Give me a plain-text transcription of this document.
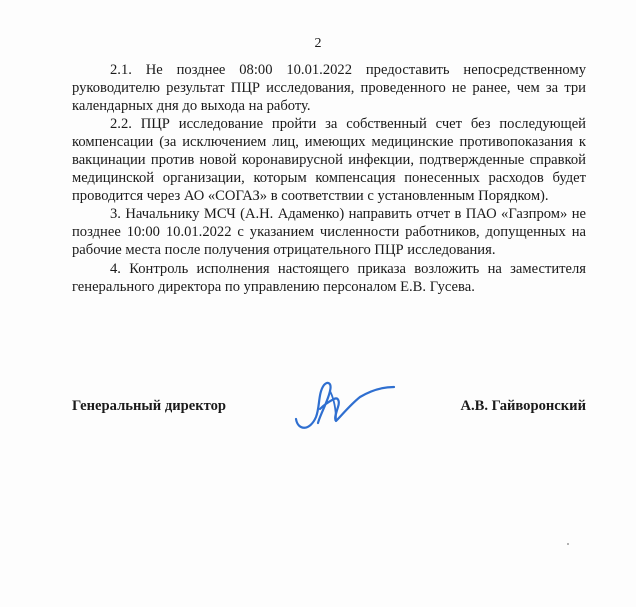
2

2.1. Не позднее 08:00 10.01.2022 предоставить непосредственному руководителю результат ПЦР исследования, проведенного не ранее, чем за три календарных дня до выхода на работу.

2.2. ПЦР исследование пройти за собственный счет без последующей компенсации (за исключением лиц, имеющих медицинские противопоказания к вакцинации против новой коронавирусной инфекции, подтвержденные справкой медицинской организации, которым компенсация понесенных расходов будет проводится через АО «СОГАЗ» в соответствии с установленным Порядком).

3. Начальнику МСЧ (А.Н. Адаменко) направить отчет в ПАО «Газпром» не позднее 10:00 10.01.2022 с указанием численности работников, допущенных на рабочие места после получения отрицательного ПЦР исследования.

4. Контроль исполнения настоящего приказа возложить на заместителя генерального директора по управлению персоналом Е.В. Гусева.

Генеральный директор	А.В. Гайворонский
